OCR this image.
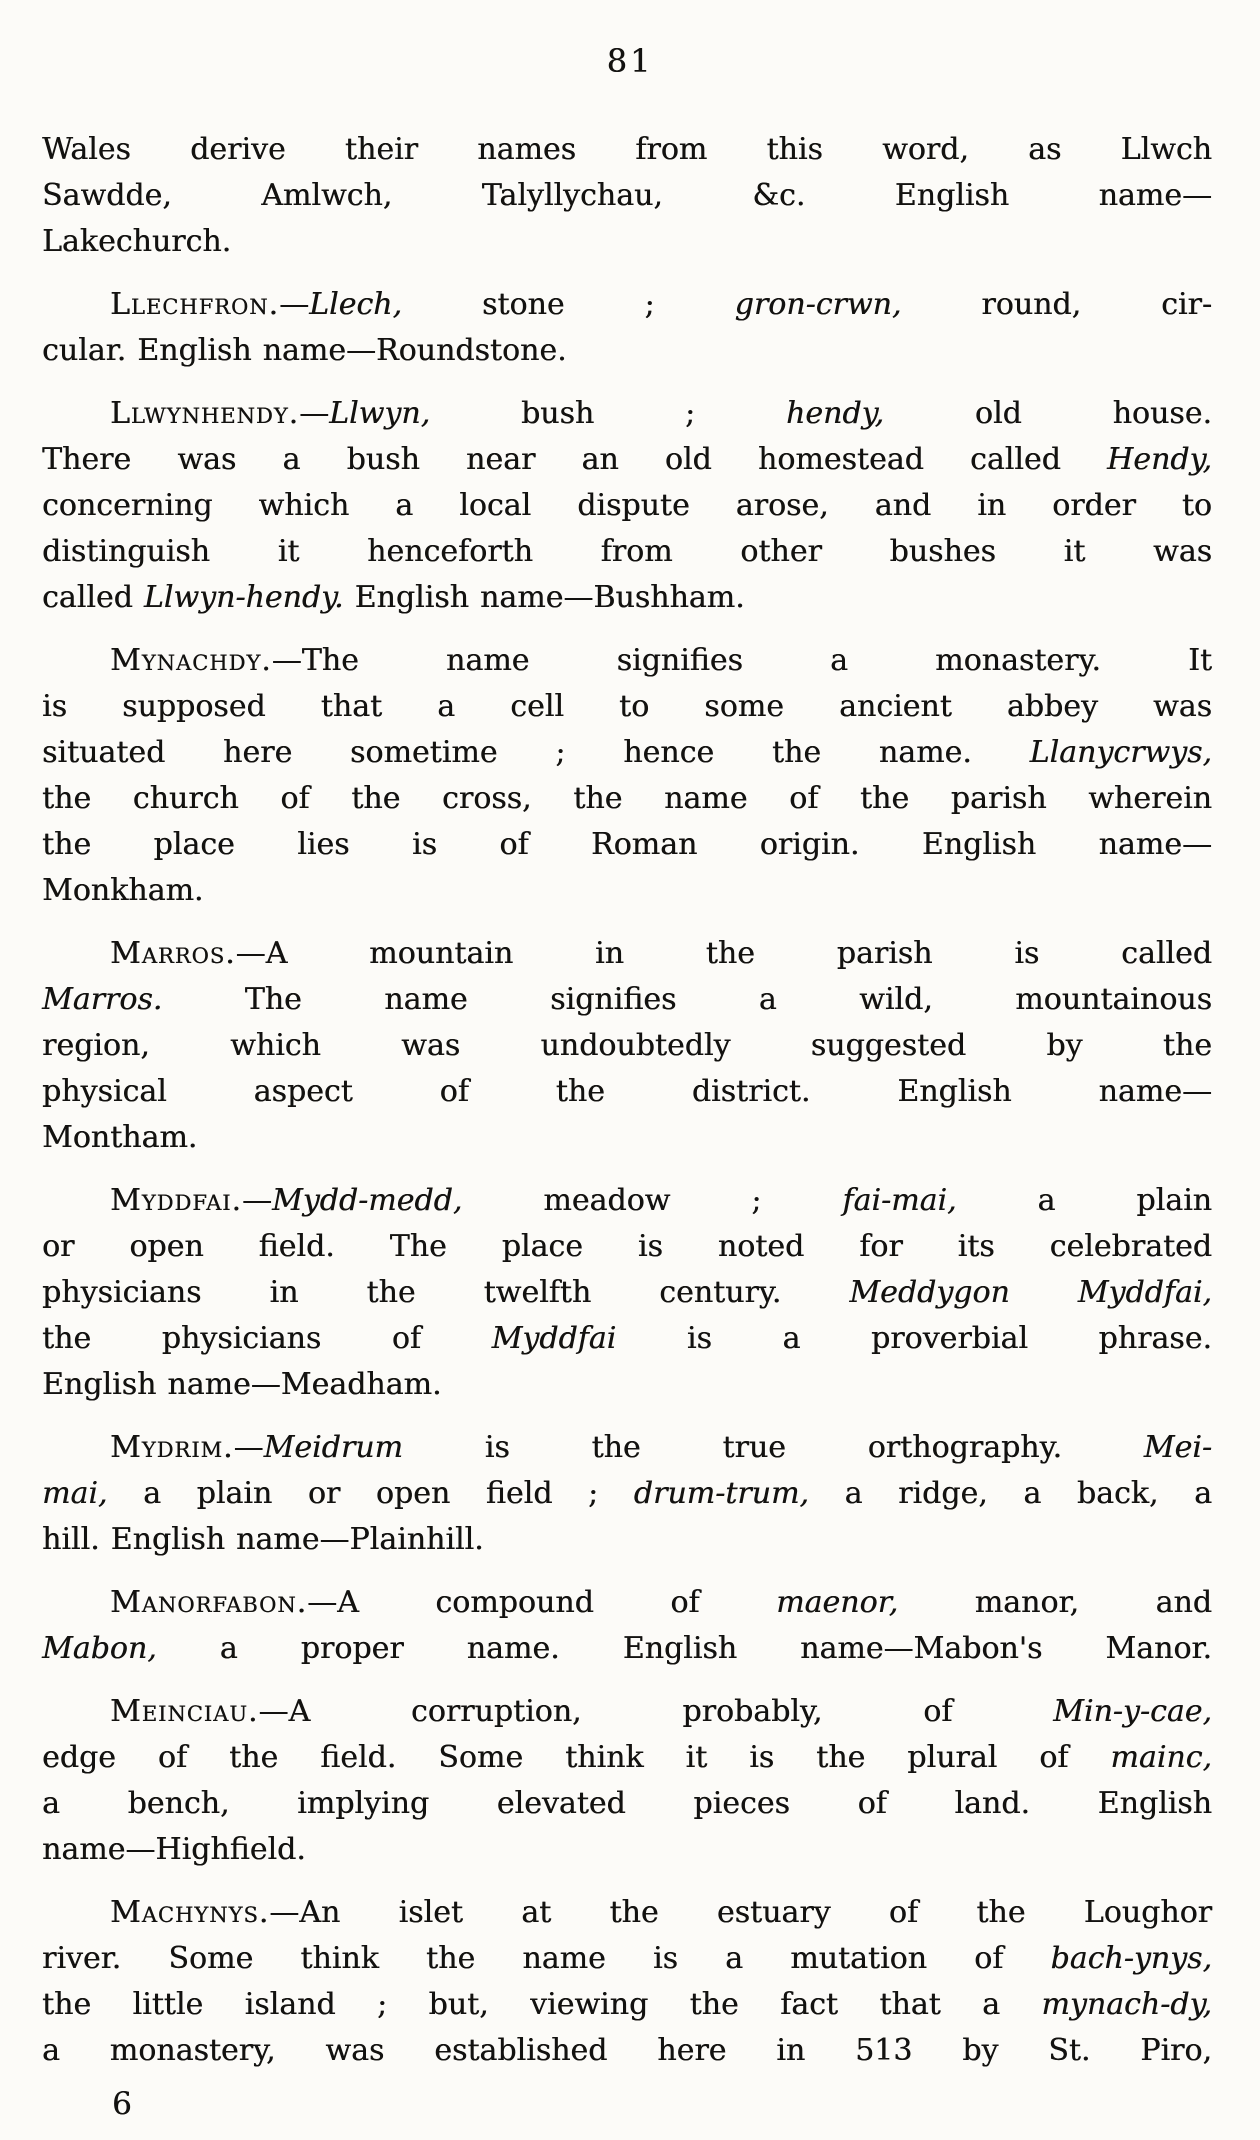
81

Wales derive their names from this word, as Llwch
Sawdde, Amlwch, Talyllychau, &c. English name—
Lakechurch.

Llechfron.—Llech, stone ; gron-crwn, round, cir-
cular. English name—Roundstone.

Llwynhendy.—Llwyn, bush ; hendy, old house.
There was a bush near an old homestead called Hendy,
concerning which a local dispute arose, and in order to
distinguish it henceforth from other bushes it was
called Llwyn-hendy. English name—Bushham.

Mynachdy.—The name signifies a monastery. It
is supposed that a cell to some ancient abbey was
situated here sometime ; hence the name. Llanycrwys,
the church of the cross, the name of the parish wherein
the place lies is of Roman origin. English name—
Monkham.

Marros.—A mountain in the parish is called
Marros. The name signifies a wild, mountainous
region, which was undoubtedly suggested by the
physical aspect of the district. English name—
Montham.

Myddfai.—Mydd-medd, meadow ; fai-mai, a plain
or open field. The place is noted for its celebrated
physicians in the twelfth century. Meddygon Myddfai,
the physicians of Myddfai is a proverbial phrase.
English name—Meadham.

Mydrim.—Meidrum is the true orthography. Mei-
mai, a plain or open field ; drum-trum, a ridge, a back, a
hill. English name—Plainhill.

Manorfabon.—A compound of maenor, manor, and
Mabon, a proper name. English name—Mabon's Manor.

Meinciau.—A corruption, probably, of Min-y-cae,
edge of the field. Some think it is the plural of mainc,
a bench, implying elevated pieces of land. English
name—Highfield.

Machynys.—An islet at the estuary of the Loughor
river. Some think the name is a mutation of bach-ynys,
the little island ; but, viewing the fact that a mynach-dy,
a monastery, was established here in 513 by St. Piro,

6
